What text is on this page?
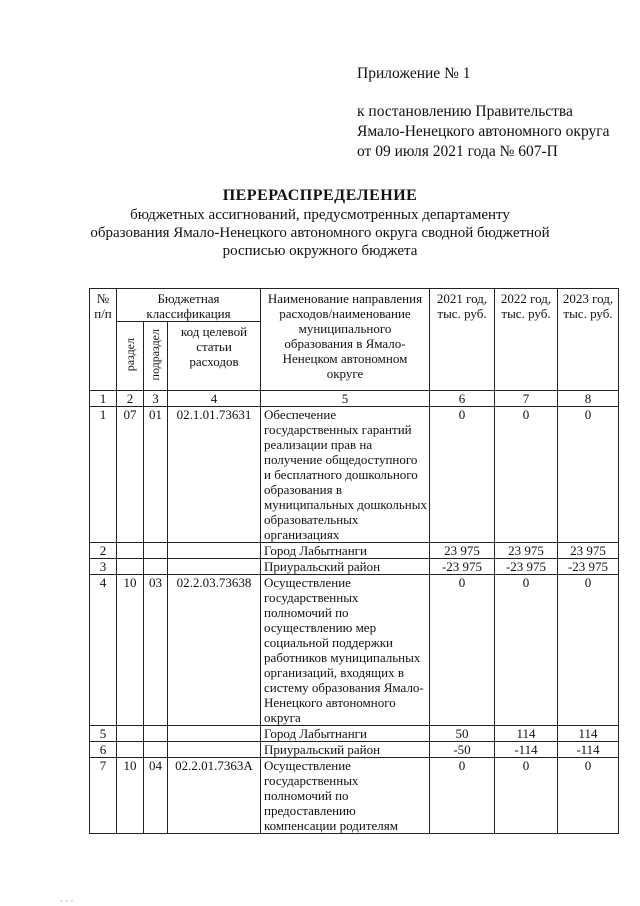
Приложение № 1
к постановлению Правительства
Ямало-Ненецкого автономного округа
от 09 июля 2021 года № 607-П
ПЕРЕРАСПРЕДЕЛЕНИЕ
бюджетных ассигнований, предусмотренных департаменту образования Ямало-Ненецкого автономного округа сводной бюджетной росписью окружного бюджета
№ п/п	Бюджетная классификация			Наименование направления расходов/наименование муниципального образования в Ямало-Ненецком автономном округе	2021 год, тыс. руб.	2022 год, тыс. руб.	2023 год, тыс. руб.
	раздел	подраздел	код целевой статьи расходов				
1	2	3	4	5	6	7	8
1	07	01	02.1.01.73631	Обеспечение государственных гарантий реализации прав на получение общедоступного и бесплатного дошкольного образования в муниципальных дошкольных образовательных организациях	0	0	0
2				Город Лабытнанги	23 975	23 975	23 975
3				Приуральский район	-23 975	-23 975	-23 975
4	10	03	02.2.03.73638	Осуществление государственных полномочий по осуществлению мер социальной поддержки работников муниципальных организаций, входящих в систему образования Ямало-Ненецкого автономного округа	0	0	0
5				Город Лабытнанги	50	114	114
6				Приуральский район	-50	-114	-114
7	10	04	02.2.01.7363А	Осуществление государственных полномочий по предоставлению компенсации родителям	0	0	0
· · ·
